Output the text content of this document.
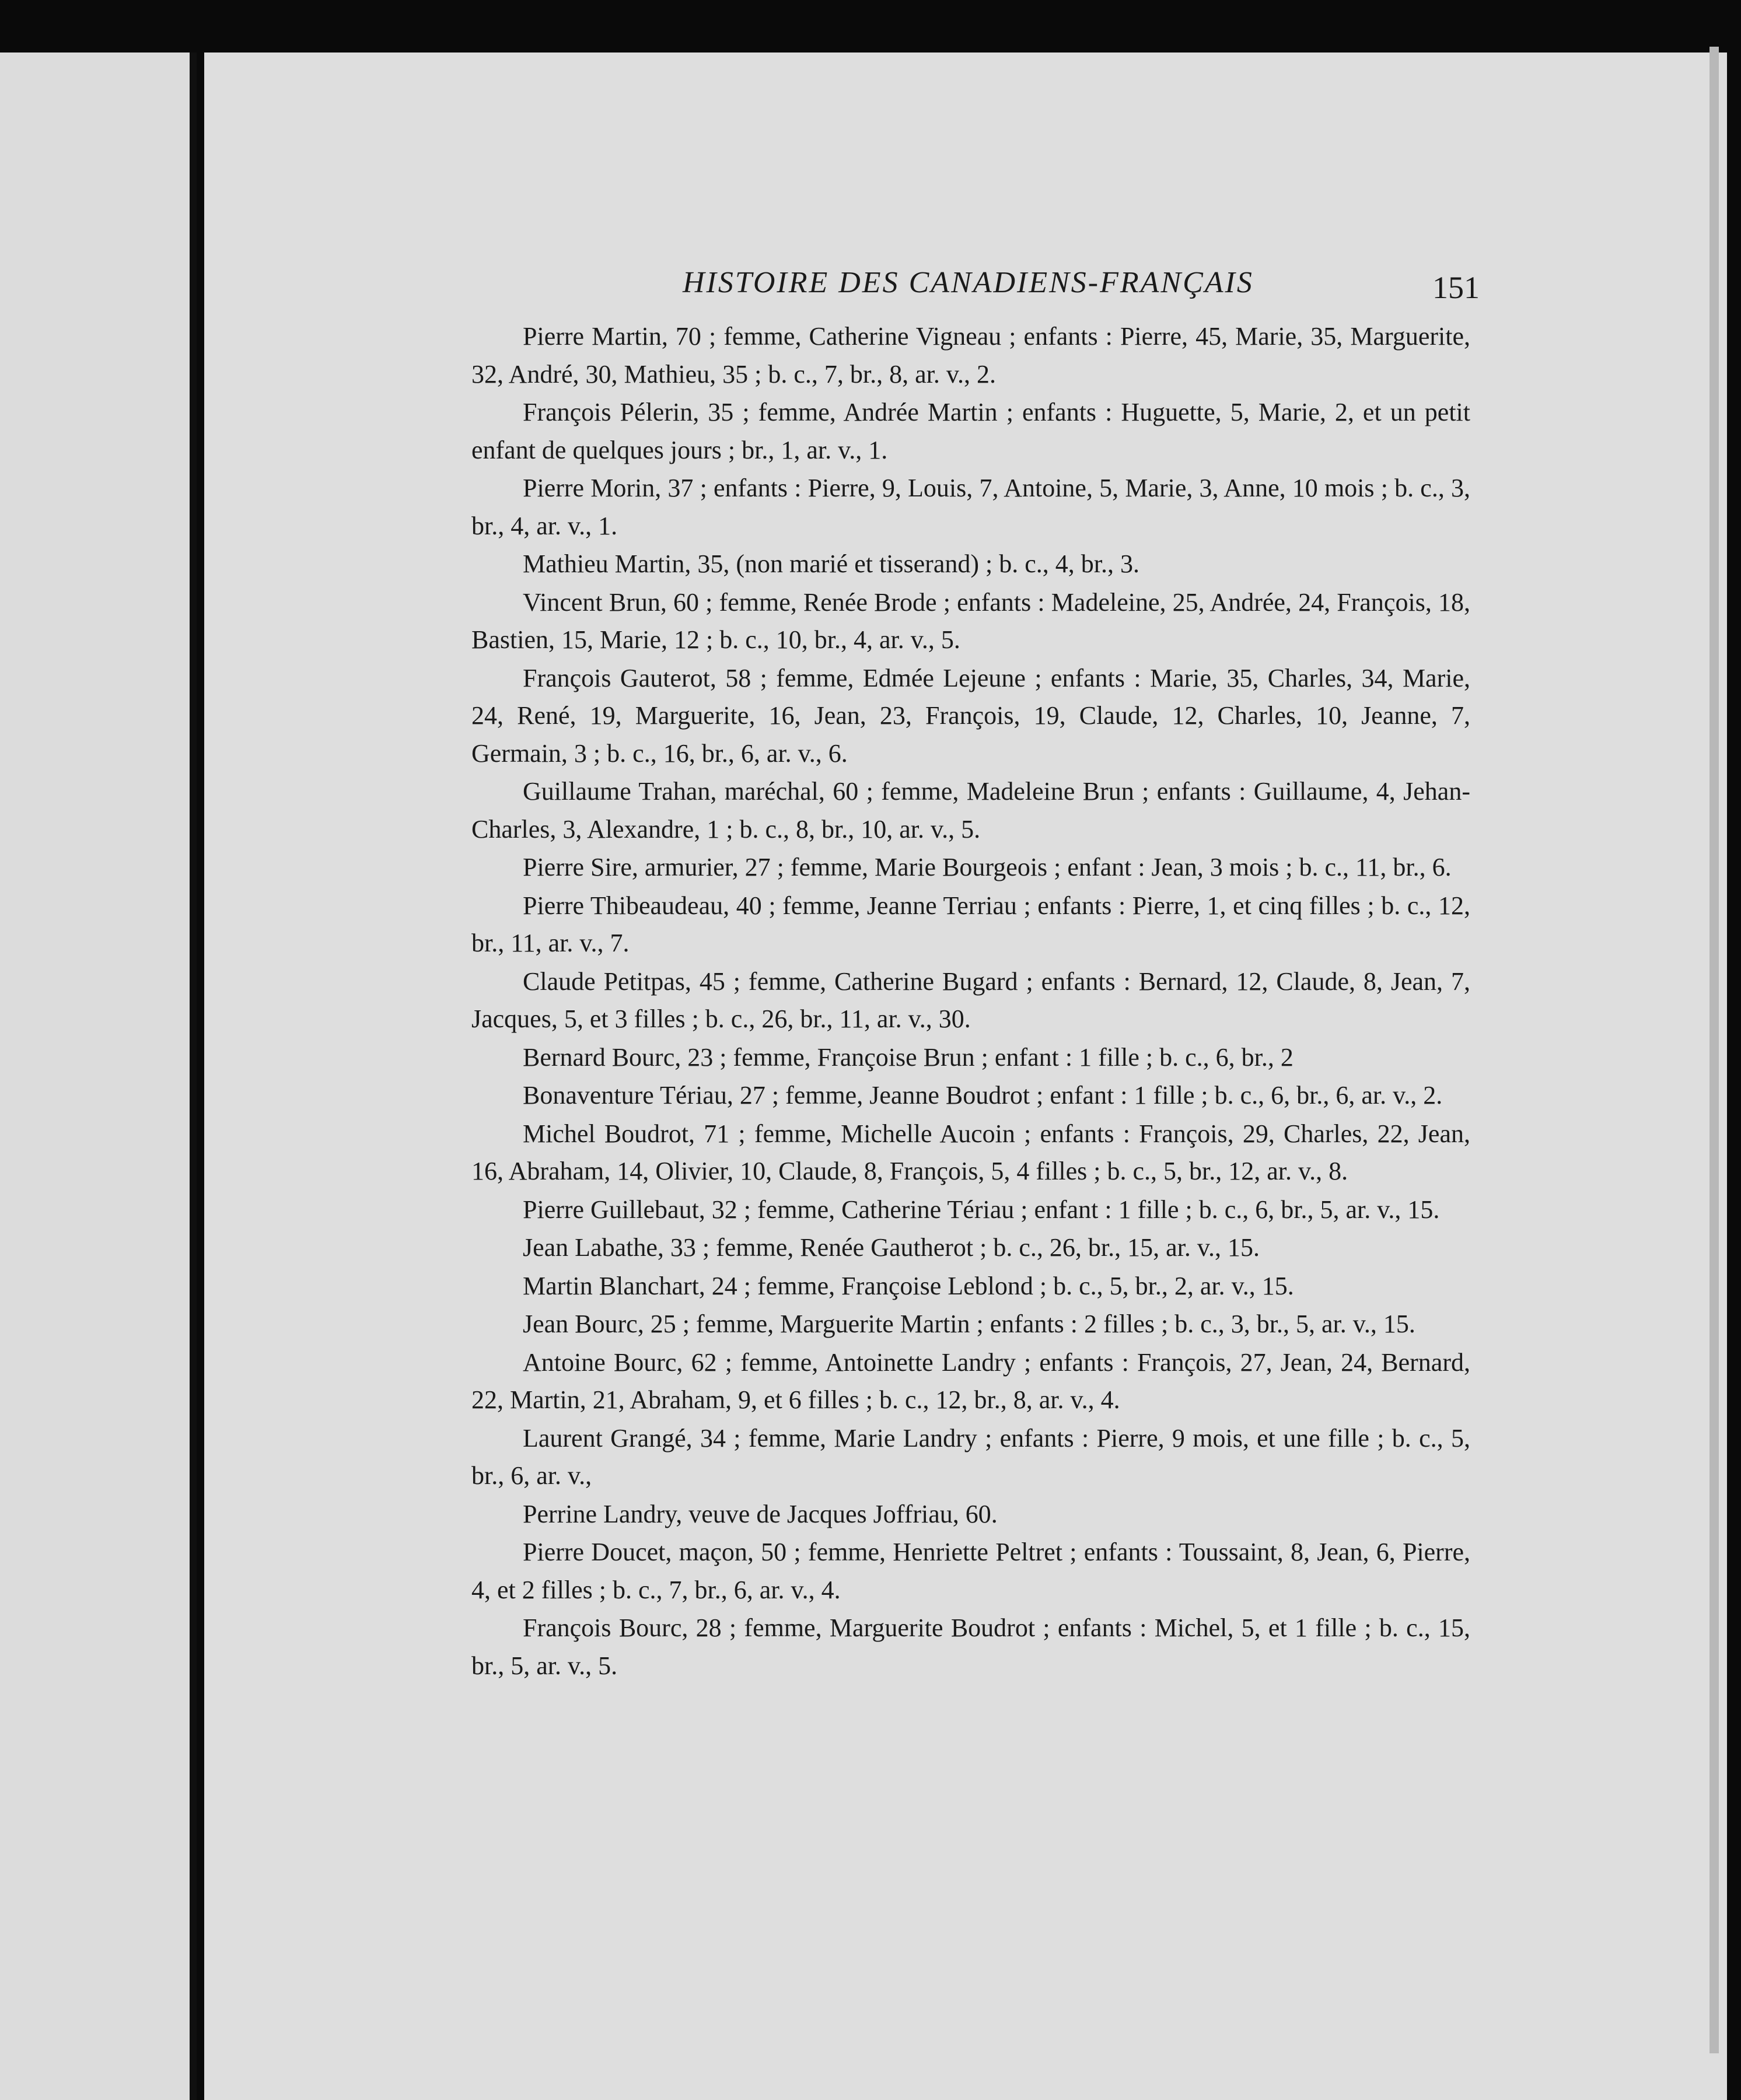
HISTOIRE DES CANADIENS-FRANÇAIS	151

Pierre Martin, 70 ; femme, Catherine Vigneau ; enfants : Pierre, 45, Marie, 35, Marguerite, 32, André, 30, Mathieu, 35 ; b. c., 7, br., 8, ar. v., 2.

François Pélerin, 35 ; femme, Andrée Martin ; enfants : Huguette, 5, Marie, 2, et un petit enfant de quelques jours ; br., 1, ar. v., 1.

Pierre Morin, 37 ; enfants : Pierre, 9, Louis, 7, Antoine, 5, Marie, 3, Anne, 10 mois ; b. c., 3, br., 4, ar. v., 1.

Mathieu Martin, 35, (non marié et tisserand) ; b. c., 4, br., 3.

Vincent Brun, 60 ; femme, Renée Brode ; enfants : Madeleine, 25, Andrée, 24, François, 18, Bastien, 15, Marie, 12 ; b. c., 10, br., 4, ar. v., 5.

François Gauterot, 58 ; femme, Edmée Lejeune ; enfants : Marie, 35, Charles, 34, Marie, 24, René, 19, Marguerite, 16, Jean, 23, François, 19, Claude, 12, Charles, 10, Jeanne, 7, Germain, 3 ; b. c., 16, br., 6, ar. v., 6.

Guillaume Trahan, maréchal, 60 ; femme, Madeleine Brun ; enfants : Guillaume, 4, Jehan-Charles, 3, Alexandre, 1 ; b. c., 8, br., 10, ar. v., 5.

Pierre Sire, armurier, 27 ; femme, Marie Bourgeois ; enfant : Jean, 3 mois ; b. c., 11, br., 6.

Pierre Thibeaudeau, 40 ; femme, Jeanne Terriau ; enfants : Pierre, 1, et cinq filles ; b. c., 12, br., 11, ar. v., 7.

Claude Petitpas, 45 ; femme, Catherine Bugard ; enfants : Bernard, 12, Claude, 8, Jean, 7, Jacques, 5, et 3 filles ; b. c., 26, br., 11, ar. v., 30.

Bernard Bourc, 23 ; femme, Françoise Brun ; enfant : 1 fille ; b. c., 6, br., 2

Bonaventure Tériau, 27 ; femme, Jeanne Boudrot ; enfant : 1 fille ; b. c., 6, br., 6, ar. v., 2.

Michel Boudrot, 71 ; femme, Michelle Aucoin ; enfants : François, 29, Charles, 22, Jean, 16, Abraham, 14, Olivier, 10, Claude, 8, François, 5, 4 filles ; b. c., 5, br., 12, ar. v., 8.

Pierre Guillebaut, 32 ; femme, Catherine Tériau ; enfant : 1 fille ; b. c., 6, br., 5, ar. v., 15.

Jean Labathe, 33 ; femme, Renée Gautherot ; b. c., 26, br., 15, ar. v., 15.

Martin Blanchart, 24 ; femme, Françoise Leblond ; b. c., 5, br., 2, ar. v., 15.

Jean Bourc, 25 ; femme, Marguerite Martin ; enfants : 2 filles ; b. c., 3, br., 5, ar. v., 15.

Antoine Bourc, 62 ; femme, Antoinette Landry ; enfants : François, 27, Jean, 24, Bernard, 22, Martin, 21, Abraham, 9, et 6 filles ; b. c., 12, br., 8, ar. v., 4.

Laurent Grangé, 34 ; femme, Marie Landry ; enfants : Pierre, 9 mois, et une fille ; b. c., 5, br., 6, ar. v.,

Perrine Landry, veuve de Jacques Joffriau, 60.

Pierre Doucet, maçon, 50 ; femme, Henriette Peltret ; enfants : Toussaint, 8, Jean, 6, Pierre, 4, et 2 filles ; b. c., 7, br., 6, ar. v., 4.

François Bourc, 28 ; femme, Marguerite Boudrot ; enfants : Michel, 5, et 1 fille ; b. c., 15, br., 5, ar. v., 5.
